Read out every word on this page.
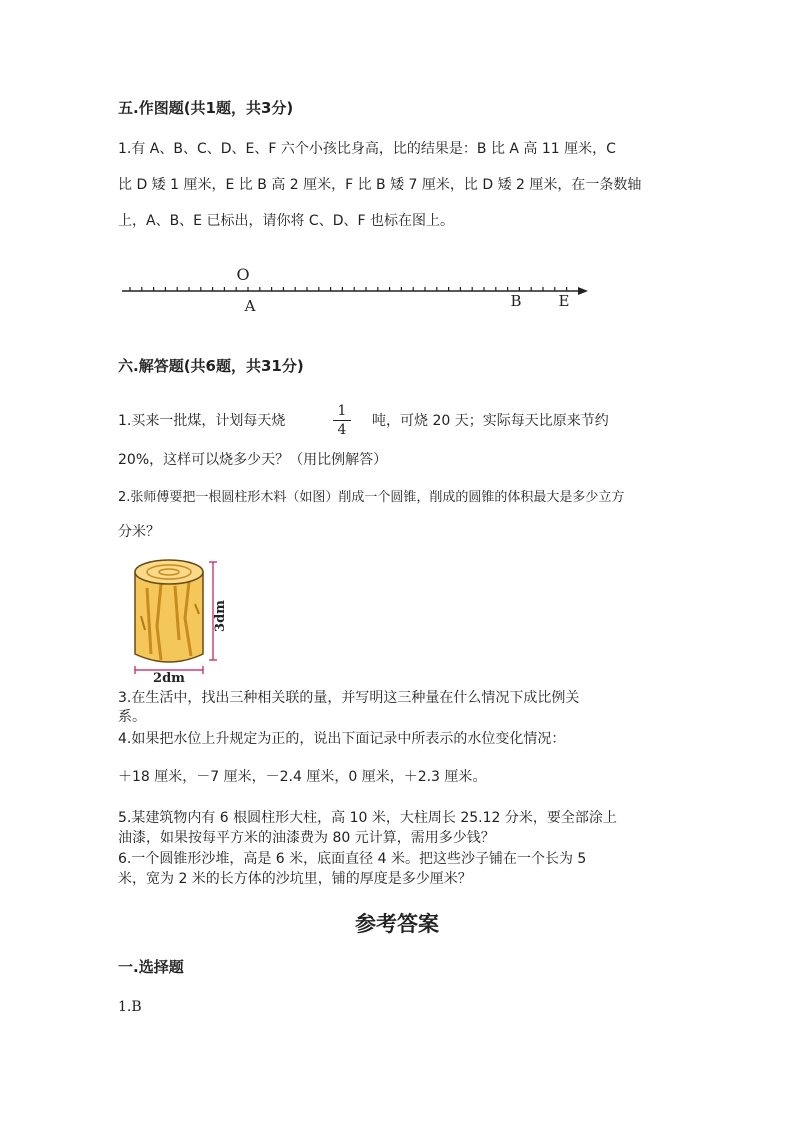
五.作图题(共1题，共3分)
1.有 A、B、C、D、E、F 六个小孩比身高，比的结果是：B 比 A 高 11 厘米，C
比 D 矮 1 厘米，E 比 B 高 2 厘米，F 比 B 矮 7 厘米，比 D 矮 2 厘米，在一条数轴
上，A、B、E 已标出，请你将 C、D、F 也标在图上。
O
A	B E
六.解答题(共6题，共31分)
1.买来一批煤，计划每天烧
1
4
吨，可烧 20 天；实际每天比原来节约
20%，这样可以烧多少天？（用比例解答）
2.张师傅要把一根圆柱形木料（如图）削成一个圆锥，削成的圆锥的体积最大是多少立方
分米？
3dm
2dm
3.在生活中，找出三种相关联的量，并写明这三种量在什么情况下成比例关
系。
4.如果把水位上升规定为正的，说出下面记录中所表示的水位变化情况：
＋18 厘米，－7 厘米，－2.4 厘米，0 厘米，＋2.3 厘米。
5.某建筑物内有 6 根圆柱形大柱，高 10 米，大柱周长 25.12 分米，要全部涂上
油漆，如果按每平方米的油漆费为 80 元计算，需用多少钱？
6.一个圆锥形沙堆，高是 6 米，底面直径 4 米。把这些沙子铺在一个长为 5
米，宽为 2 米的长方体的沙坑里，铺的厚度是多少厘米？
参考答案
一.选择题
1.B
